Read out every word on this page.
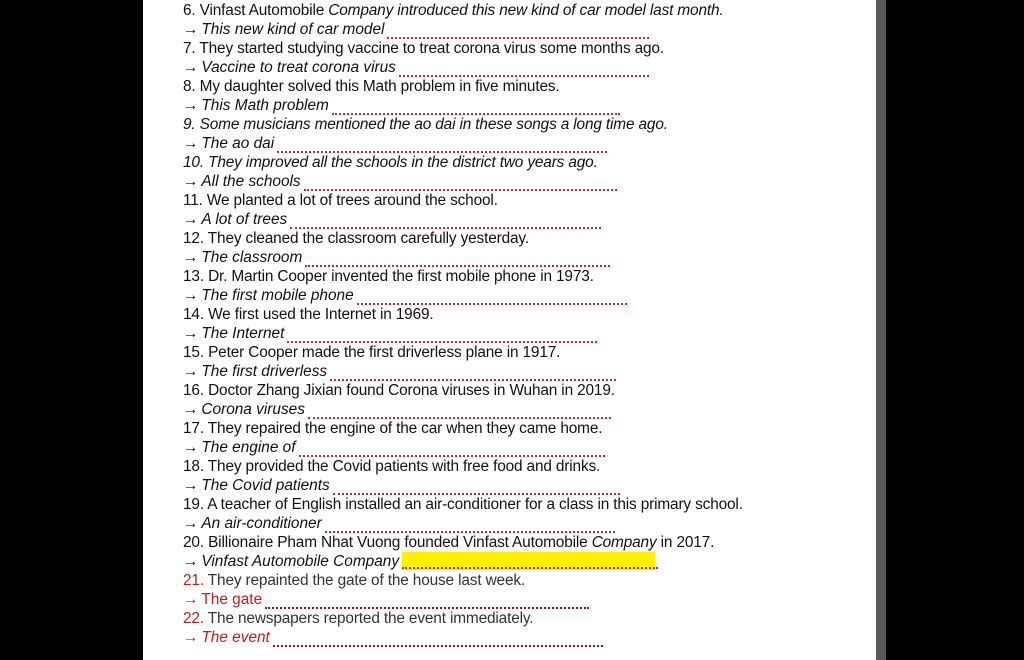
6. Vinfast Automobile Company introduced this new kind of car model last month.
→ This new kind of car model
7. They started studying vaccine to treat corona virus some months ago.
→ Vaccine to treat corona virus
8. My daughter solved this Math problem in five minutes.
→ This Math problem
9. Some musicians mentioned the ao dai in these songs a long time ago.
→ The ao dai
10. They improved all the schools in the district two years ago.
→ All the schools
11. We planted a lot of trees around the school.
→ A lot of trees
12. They cleaned the classroom carefully yesterday.
→ The classroom
13. Dr. Martin Cooper invented the first mobile phone in 1973.
→ The first mobile phone
14. We first used the Internet in 1969.
→ The Internet
15. Peter Cooper made the first driverless plane in 1917.
→ The first driverless
16. Doctor Zhang Jixian found Corona viruses in Wuhan in 2019.
→ Corona viruses
17. They repaired the engine of the car when they came home.
→ The engine of
18. They provided the Covid patients with free food and drinks.
→ The Covid patients
19. A teacher of English installed an air-conditioner for a class in this primary school.
→ An air-conditioner
20. Billionaire Pham Nhat Vuong founded Vinfast Automobile Company in 2017.
→ Vinfast Automobile Company
21. They repainted the gate of the house last week.
→ The gate
22. The newspapers reported the event immediately.
→ The event
